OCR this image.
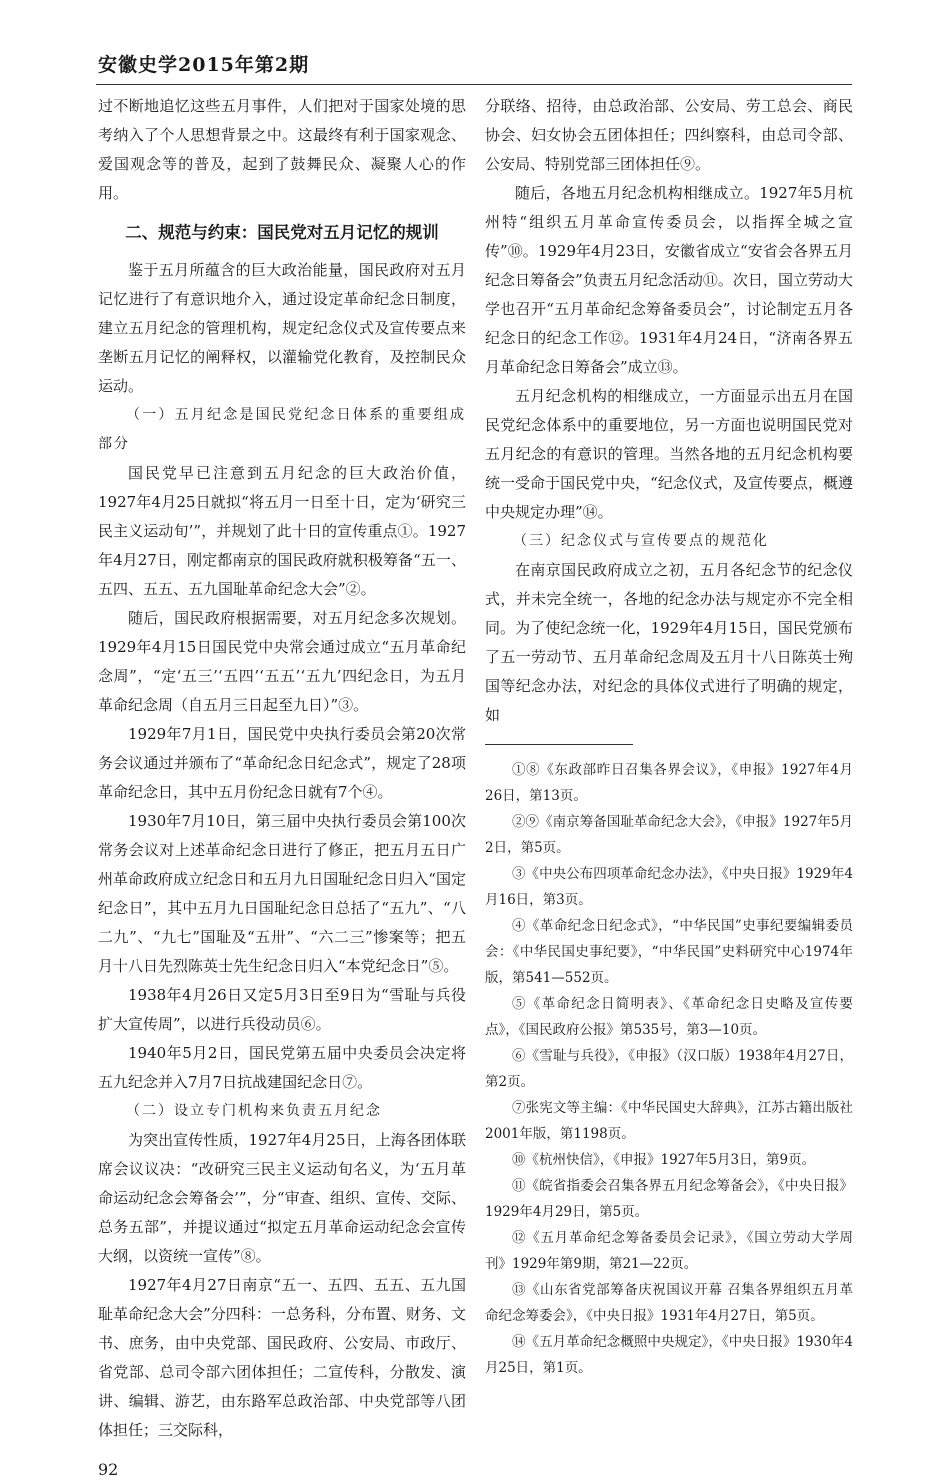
安徽史学2015年第2期

过不断地追忆这些五月事件，人们把对于国家处境的思考纳入了个人思想背景之中。这最终有利于国家观念、爱国观念等的普及，起到了鼓舞民众、凝聚人心的作用。

二、规范与约束：国民党对五月记忆的规训

鉴于五月所蕴含的巨大政治能量，国民政府对五月记忆进行了有意识地介入，通过设定革命纪念日制度，建立五月纪念的管理机构，规定纪念仪式及宣传要点来垄断五月记忆的阐释权，以灌输党化教育，及控制民众运动。

（一）五月纪念是国民党纪念日体系的重要组成部分

国民党早已注意到五月纪念的巨大政治价值，1927年4月25日就拟“将五月一日至十日，定为‘研究三民主义运动旬’”，并规划了此十日的宣传重点①。1927年4月27日，刚定都南京的国民政府就积极筹备“五一、五四、五五、五九国耻革命纪念大会”②。

随后，国民政府根据需要，对五月纪念多次规划。1929年4月15日国民党中央常会通过成立“五月革命纪念周”，“定‘五三’‘五四’‘五五’‘五九’四纪念日，为五月革命纪念周（自五月三日起至九日）”③。

1929年7月1日，国民党中央执行委员会第20次常务会议通过并颁布了“革命纪念日纪念式”，规定了28项革命纪念日，其中五月份纪念日就有7个④。

1930年7月10日，第三届中央执行委员会第100次常务会议对上述革命纪念日进行了修正，把五月五日广州革命政府成立纪念日和五月九日国耻纪念日归入“国定纪念日”，其中五月九日国耻纪念日总括了“五九”、“八二九”、“九七”国耻及“五卅”、“六二三”惨案等；把五月十八日先烈陈英士先生纪念日归入“本党纪念日”⑤。

1938年4月26日又定5月3日至9日为“雪耻与兵役扩大宣传周”，以进行兵役动员⑥。

1940年5月2日，国民党第五届中央委员会决定将五九纪念并入7月7日抗战建国纪念日⑦。

（二）设立专门机构来负责五月纪念

为突出宣传性质，1927年4月25日，上海各团体联席会议议决：“改研究三民主义运动旬名义，为‘五月革命运动纪念会筹备会’”，分“审查、组织、宣传、交际、总务五部”，并提议通过“拟定五月革命运动纪念会宣传大纲，以资统一宣传”⑧。

1927年4月27日南京“五一、五四、五五、五九国耻革命纪念大会”分四科：一总务科，分布置、财务、文书、庶务，由中央党部、国民政府、公安局、市政厅、省党部、总司令部六团体担任；二宣传科，分散发、演讲、编辑、游艺，由东路军总政治部、中央党部等八团体担任；三交际科，

92

分联络、招待，由总政治部、公安局、劳工总会、商民协会、妇女协会五团体担任；四纠察科，由总司令部、公安局、特别党部三团体担任⑨。

随后，各地五月纪念机构相继成立。1927年5月杭州特“组织五月革命宣传委员会，以指挥全城之宣传”⑩。1929年4月23日，安徽省成立“安省会各界五月纪念日筹备会”负责五月纪念活动⑪。次日，国立劳动大学也召开“五月革命纪念筹备委员会”，讨论制定五月各纪念日的纪念工作⑫。1931年4月24日，“济南各界五月革命纪念日筹备会”成立⑬。

五月纪念机构的相继成立，一方面显示出五月在国民党纪念体系中的重要地位，另一方面也说明国民党对五月纪念的有意识的管理。当然各地的五月纪念机构要统一受命于国民党中央，“纪念仪式，及宣传要点，概遵中央规定办理”⑭。

（三）纪念仪式与宣传要点的规范化

在南京国民政府成立之初，五月各纪念节的纪念仪式，并未完全统一，各地的纪念办法与规定亦不完全相同。为了使纪念统一化，1929年4月15日，国民党颁布了五一劳动节、五月革命纪念周及五月十八日陈英士殉国等纪念办法，对纪念的具体仪式进行了明确的规定，如

①⑧《东政部昨日召集各界会议》，《申报》1927年4月26日，第13页。

②⑨《南京筹备国耻革命纪念大会》，《申报》1927年5月2日，第5页。

③《中央公布四项革命纪念办法》，《中央日报》1929年4月16日，第3页。

④《革命纪念日纪念式》，“中华民国”史事纪要编辑委员会：《中华民国史事纪要》，“中华民国”史料研究中心1974年版，第541—552页。

⑤《革命纪念日简明表》、《革命纪念日史略及宣传要点》，《国民政府公报》第535号，第3—10页。

⑥《雪耻与兵役》，《申报》（汉口版）1938年4月27日，第2页。

⑦张宪文等主编：《中华民国史大辞典》，江苏古籍出版社2001年版，第1198页。

⑩《杭州快信》，《申报》1927年5月3日，第9页。

⑪《皖省指委会召集各界五月纪念筹备会》，《中央日报》1929年4月29日，第5页。

⑫《五月革命纪念筹备委员会记录》，《国立劳动大学周刊》1929年第9期，第21—22页。

⑬《山东省党部筹备庆祝国议开幕 召集各界组织五月革命纪念筹委会》，《中央日报》1931年4月27日，第5页。

⑭《五月革命纪念概照中央规定》，《中央日报》1930年4月25日，第1页。
